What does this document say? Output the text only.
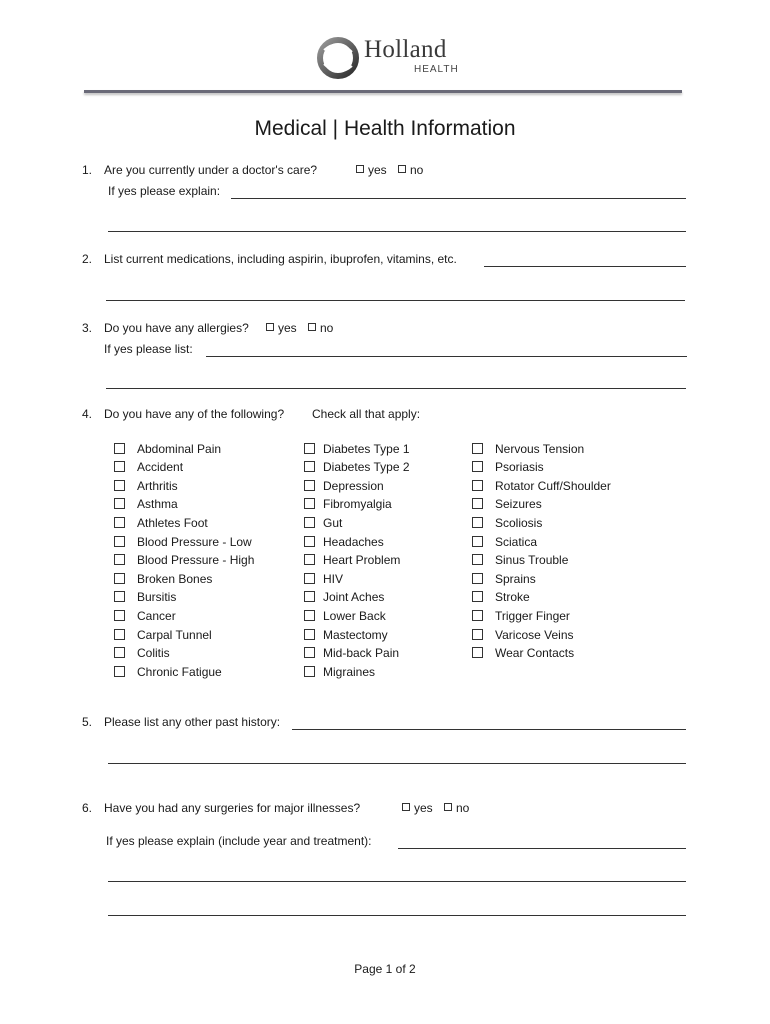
Holland
HEALTH
Medical | Health Information
1. Are you currently under a doctor's care?	yes	no
If yes please explain:
2. List current medications, including aspirin, ibuprofen, vitamins, etc.
3. Do you have any allergies?	yes	no
If yes please list:
4. Do you have any of the following? Check all that apply:
Abdominal Pain
Accident
Arthritis
Asthma
Athletes Foot
Blood Pressure - Low
Blood Pressure - High
Broken Bones
Bursitis
Cancer
Carpal Tunnel
Colitis
Chronic Fatigue
Diabetes Type 1
Diabetes Type 2
Depression
Fibromyalgia
Gut
Headaches
Heart Problem
HIV
Joint Aches
Lower Back
Mastectomy
Mid-back Pain
Migraines
Nervous Tension
Psoriasis
Rotator Cuff/Shoulder
Seizures
Scoliosis
Sciatica
Sinus Trouble
Sprains
Stroke
Trigger Finger
Varicose Veins
Wear Contacts
5. Please list any other past history:
6. Have you had any surgeries for major illnesses?	yes	no
If yes please explain (include year and treatment):
Page 1 of 2
